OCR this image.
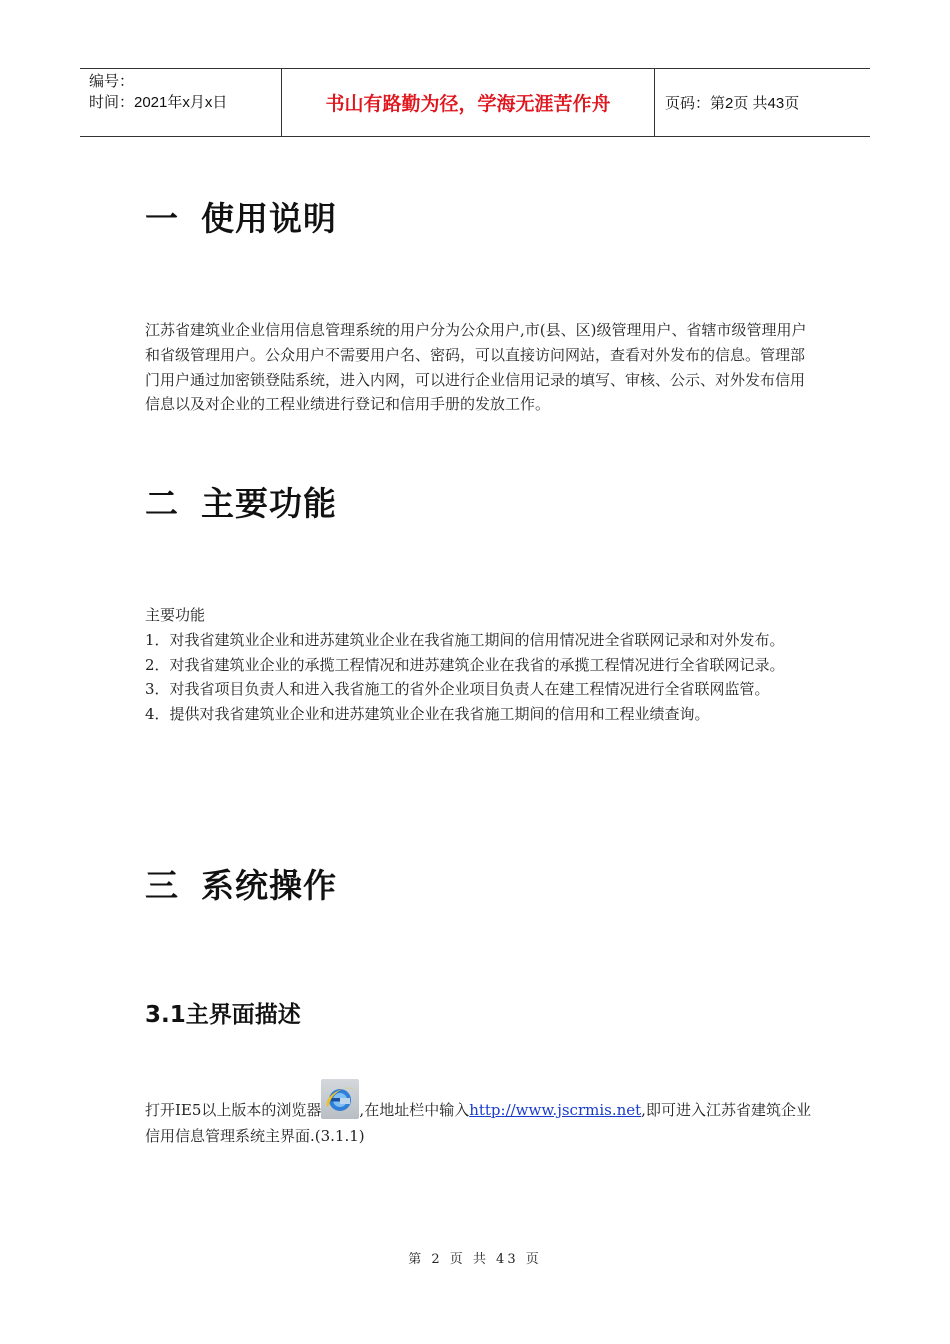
编号：
时间：2021年x月x日	书山有路勤为径，学海无涯苦作舟	页码：第2页 共43页
一 使用说明

江苏省建筑业企业信用信息管理系统的用户分为公众用户,市(县、区)级管理用户、省辖市级管理用户和省级管理用户。公众用户不需要用户名、密码，可以直接访问网站，查看对外发布的信息。管理部门用户通过加密锁登陆系统，进入内网，可以进行企业信用记录的填写、审核、公示、对外发布信用信息以及对企业的工程业绩进行登记和信用手册的发放工作。

二 主要功能

主要功能

1．对我省建筑业企业和进苏建筑业企业在我省施工期间的信用情况进全省联网记录和对外发布。

2．对我省建筑业企业的承揽工程情况和进苏建筑企业在我省的承揽工程情况进行全省联网记录。

3．对我省项目负责人和进入我省施工的省外企业项目负责人在建工程情况进行全省联网监管。

4．提供对我省建筑业企业和进苏建筑业企业在我省施工期间的信用和工程业绩查询。

三 系统操作
3.1主界面描述

打开IE5以上版本的浏览器	,在地址栏中输入http://www.jscrmis.net,即可进入江苏省建筑企业信用信息管理系统主界面.(3.1.1)

第 2 页 共 43 页
